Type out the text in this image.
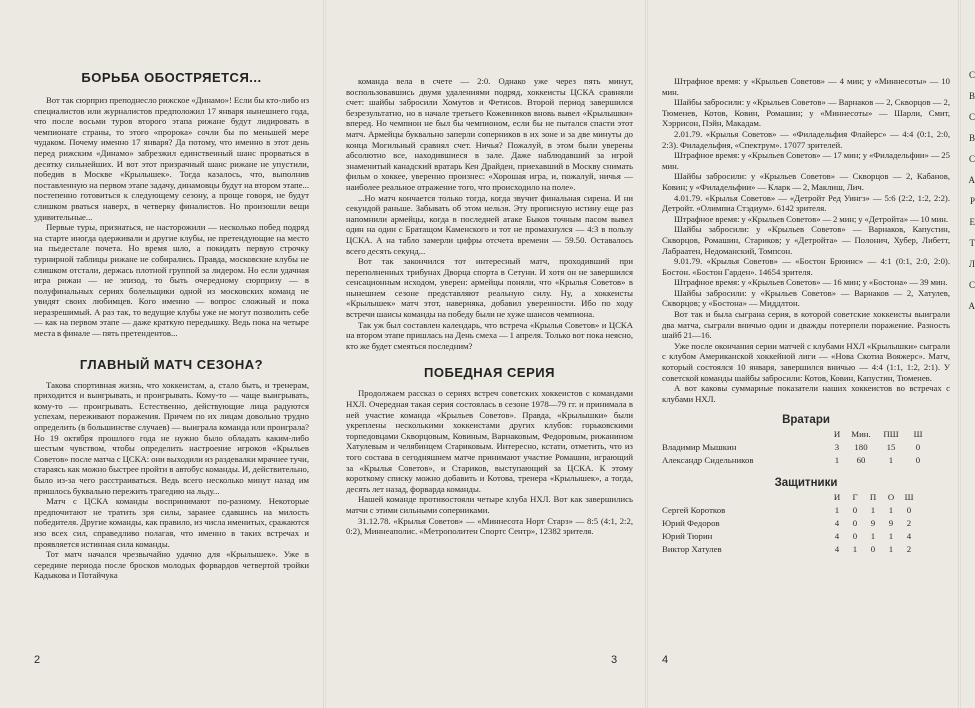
БОРЬБА ОБОСТРЯЕТСЯ...

Вот так сюрприз преподнесло рижское «Динамо»! Если бы кто-либо из специалистов или журналистов предположил 17 января нынешнего года, что после восьми туров второго этапа рижане будут лидировать в чемпионате страны, то этого «пророка» сочли бы по меньшей мере чудаком. Почему именно 17 января? Да потому, что именно в этот день перед рижским «Динамо» забрезжил единственный шанс прорваться в десятку сильнейших. И вот этот призрачный шанс рижане не упустили, победив в Москве «Крылышек». Тогда казалось, что, выполнив поставленную на первом этапе задачу, динамовцы будут на втором этапе... постепенно готовиться к следующему сезону, а проще говоря, не будут слишком рваться наверх, в четверку финалистов. Но произошли вещи удивительные...

Первые туры, признаться, не насторожили — несколько побед подряд на старте иногда одерживали и другие клубы, не претендующие на место на пьедестале почета. Но время шло, а покидать первую строчку турнирной таблицы рижане не собирались. Правда, московские клубы не слишком отстали, держась плотной группой за лидером. Но если удачная игра рижан — не эпизод, то быть очередному сюрпризу — в полуфинальных сериях болельщики одной из московских команд не увидят своих любимцев. Кого именно — вопрос сложный и пока неразрешимый. А раз так, то ведущие клубы уже не могут позволить себе — как на первом этапе — даже краткую передышку. Ведь пока на четыре места в финале — пять претендентов...

ГЛАВНЫЙ МАТЧ СЕЗОНА?

Такова спортивная жизнь, что хоккеистам, а, стало быть, и тренерам, приходится и выигрывать, и проигрывать. Кому-то — чаще выигрывать, кому-то — проигрывать. Естественно, действующие лица радуются успехам, переживают поражения. Причем по их лицам довольно трудно определить (в большинстве случаев) — выиграла команда или проиграла? Но 19 октября прошлого года не нужно было обладать каким-либо шестым чувством, чтобы определить настроение игроков «Крыльев Советов» после матча с ЦСКА: они выходили из раздевалки мрачнее тучи, стараясь как можно быстрее пройти в автобус команды. И, действительно, было из-за чего расстраиваться. Ведь всего несколько минут назад им пришлось буквально пережить трагедию на льду...

Матч с ЦСКА команды воспринимают по-разному. Некоторые предпочитают не тратить зря силы, заранее сдавшись на милость победителя. Другие команды, как правило, из числа именитых, сражаются изо всех сил, справедливо полагая, что именно в таких встречах и проявляется истинная сила команды.

Тот матч начался чрезвычайно удачно для «Крылышек». Уже в середине периода после бросков молодых форвардов четвертой тройки Кадыкова и Потайчука

2

команда вела в счете — 2:0. Однако уже через пять минут, воспользовавшись двумя удалениями подряд, хоккеисты ЦСКА сравняли счет: шайбы забросили Хомутов и Фетисов. Второй период завершился безрезультатно, но в начале третьего Кожевников вновь вывел «Крылышки» вперед. Но чемпион не был бы чемпионом, если бы не пытался спасти этот матч. Армейцы буквально заперли соперников в их зоне и за две минуты до конца Могильный сравнял счет. Ничья? Пожалуй, в этом были уверены абсолютно все, находившиеся в зале. Даже наблюдавший за игрой знаменитый канадский вратарь Кен Драйден, приехавший в Москву снимать фильм о хоккее, уверенно произнес: «Хорошая игра, и, пожалуй, ничья — наиболее реальное отражение того, что происходило на поле».

...Но матч кончается только тогда, когда звучит финальная сирена. И ни секундой раньше. Забывать об этом нельзя. Эту прописную истину еще раз напомнили армейцы, когда в последней атаке Быков точным пасом вывел один на один с Братащом Каменского и тот не промахнулся — 4:3 в пользу ЦСКА. А на табло замерли цифры отсчета времени — 59.50. Оставалось всего десять секунд...

Вот так закончился тот интересный матч, проходивший при переполненных трибунах Дворца спорта в Сетуни. И хотя он не завершился сенсационным исходом, уверен: армейцы поняли, что «Крылья Советов» в нынешнем сезоне представляют реальную силу. Ну, а хоккеисты «Крылышек» матч этот, наверняка, добавил уверенности. Ибо по ходу встречи шансы команды на победу были не хуже шансов чемпиона.

Так уж был составлен календарь, что встреча «Крылья Советов» и ЦСКА на втором этапе пришлась на День смеха — 1 апреля. Только вот пока неясно, кто же будет смеяться последним?

ПОБЕДНАЯ СЕРИЯ

Продолжаем рассказ о сериях встреч советских хоккеистов с командами НХЛ. Очередная такая серия состоялась в сезоне 1978—79 гг. и принимала в ней участие команда «Крыльев Советов». Правда, «Крылышки» были укреплены несколькими хоккеистами других клубов: горьковскими торпедовцами Скворцовым, Ковиным, Варнаковым, Федоровым, рижанином Хатулевым и челябинцем Стариковым. Интересно, кстати, отметить, что из того состава в сегодняшнем матче принимают участие Ромашин, играющий за «Крылья Советов», и Стариков, выступающий за ЦСКА. К этому короткому списку можно добавить и Котова, тренера «Крылышек», а тогда, десять лет назад, форварда команды.

Нашей команде противостояли четыре клуба НХЛ. Вот как завершились матчи с этими сильными соперниками.

31.12.78. «Крылья Советов» — «Миннесота Норт Старз» — 8:5 (4:1, 2:2, 0:2), Миннеаполис. «Метрополитен Спортс Сентр», 12382 зрителя.

3

Штрафное время: у «Крыльев Советов» — 4 мин; у «Миннесоты» — 10 мин.

Шайбы забросили: у «Крыльев Советов» — Варнаков — 2, Скворцов — 2, Тюменев, Котов, Ковин, Ромашин; у «Миннесоты» — Шарли, Смит, Хэррисон, Пэйн, Макадам.

2.01.79. «Крылья Советов» — «Филадельфия Флайерс» — 4:4 (0:1, 2:0, 2:3). Филадельфия, «Спектрум». 17077 зрителей.

Штрафное время: у «Крыльев Советов» — 17 мин; у «Филадельфии» — 25 мин.

Шайбы забросили: у «Крыльев Советов» — Скворцов — 2, Кабанов, Ковин; у «Филадельфии» — Кларк — 2, Маклиш, Лич.

4.01.79. «Крылья Советов» — «Детройт Ред Уингз» — 5:6 (2:2, 1:2, 2:2). Детройт. «Олимпиа Стэдиум». 6142 зрителя.

Штрафное время: у «Крыльев Советов» — 2 мин; у «Детройта» — 10 мин.

Шайбы забросили: у «Крыльев Советов» — Варнаков, Капустин, Скворцов, Ромашин, Стариков; у «Детройта» — Полонич, Хубер, Либетт, Лабраатен, Недоманский, Томпсон.

9.01.79. «Крылья Советов» — «Бостон Брюинс» — 4:1 (0:1, 2:0, 2:0). Бостон. «Бостон Гарден». 14654 зрителя.

Штрафное время: у «Крыльев Советов» — 16 мин; у «Бостона» — 39 мин.

Шайбы забросили: у «Крыльев Советов» — Варнаков — 2, Хатулев, Скворцов; у «Бостона» — Миддлтон.

Вот так и была сыграна серия, в которой советские хоккеисты выиграли два матча, сыграли вничью один и дважды потерпели поражение. Разность шайб 21—16.

Уже после окончания серии матчей с клубами НХЛ «Крылышки» сыграли с клубом Американской хоккейной лиги — «Нова Скотиа Вояжерс». Матч, который состоялся 10 января, завершился вничью — 4:4 (1:1, 1:2, 2:1). У советской команды шайбы забросили: Котов, Ковин, Капустин, Тюменев.

А вот каковы суммарные показатели наших хоккеистов во встречах с клубами НХЛ.

Вратари
И	Мин.	ПШ	Ш
Владимир Мышкин	3	180	15	0
Александр Сидельников	1	60	1	0
Защитники
И	Г	П	О	Ш
Сергей Коротков	1	0	1	1	0
Юрий Федоров	4	0	9	9	2
Юрий Тюрин	4	0	1	1	4
Виктор Хатулев	4	1	0	1	2
4
С
В
С
В
С
А
Р
Е
Т
Л
С
А
